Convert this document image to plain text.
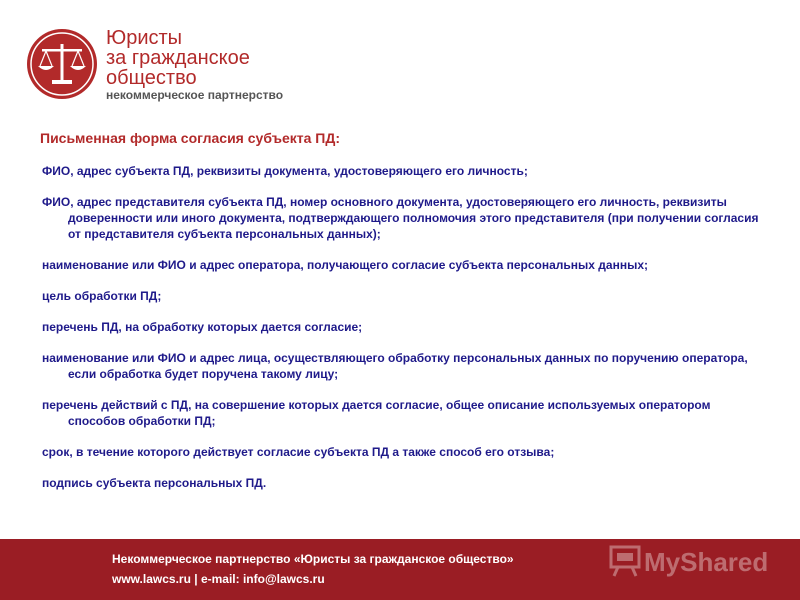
Юристы
за гражданское
общество
некоммерческое партнерство
Письменная форма согласия субъекта ПД:
ФИО, адрес субъекта ПД, реквизиты документа, удостоверяющего его личность;
ФИО, адрес представителя субъекта ПД, номер основного документа, удостоверяющего его личность, реквизиты доверенности или иного документа, подтверждающего полномочия этого представителя (при получении согласия от представителя субъекта персональных данных);
наименование или ФИО и адрес оператора, получающего согласие субъекта персональных данных;
цель обработки ПД;
перечень ПД, на обработку которых дается согласие;
наименование или ФИО и адрес лица, осуществляющего обработку персональных данных по поручению оператора, если обработка будет поручена такому лицу;
перечень действий с ПД, на совершение которых дается согласие, общее описание используемых оператором способов обработки ПД;
срок, в течение которого действует согласие субъекта ПД а также способ его отзыва;
подпись субъекта персональных ПД.
Некоммерческое партнерство «Юристы за гражданское общество»
www.lawcs.ru | e-mail: info@lawcs.ru
MyShared
